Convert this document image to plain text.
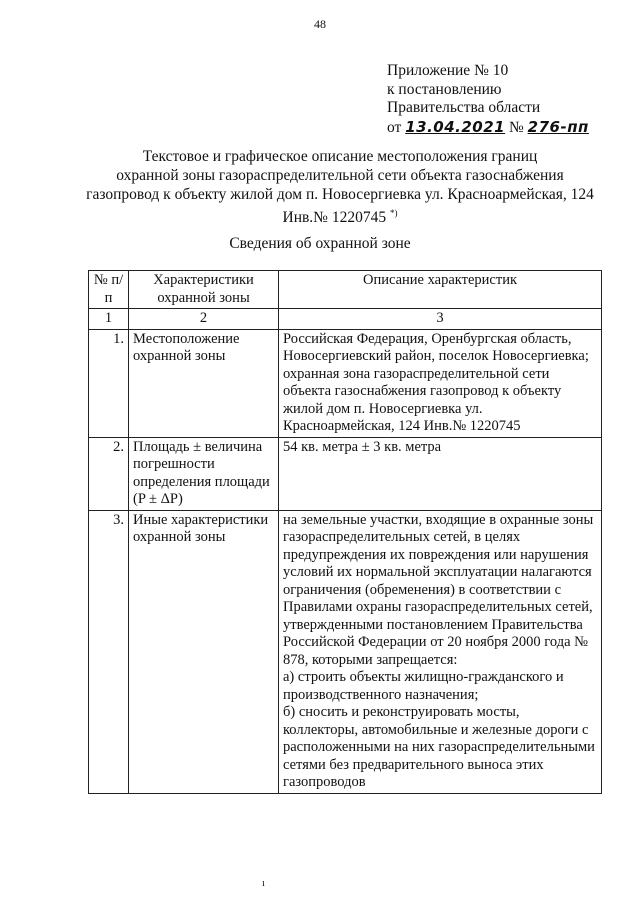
48
Приложение № 10
к постановлению
Правительства области
от 13.04.2021 № 276-пп
Текстовое и графическое описание местоположения границ
охранной зоны газораспределительной сети объекта газоснабжения
газопровод к объекту жилой дом п. Новосергиевка ул. Красноармейская, 124
Инв.№ 1220745 *)
Сведения об охранной зоне
№ п/п	Характеристики охранной зоны	Описание характеристик
1	2	3
1.	Местоположение охранной зоны	Российская Федерация, Оренбургская область, Новосергиевский район, поселок Новосергиевка; охранная зона газораспределительной сети объекта газоснабжения газопровод к объекту жилой дом п. Новосергиевка ул. Красноармейская, 124 Инв.№ 1220745
2.	Площадь ± величина погрешности определения площади (P ± ΔP)	54 кв. метра ± 3 кв. метра
3.	Иные характеристики охранной зоны	на земельные участки, входящие в охранные зоны газораспределительных сетей, в целях предупреждения их повреждения или нарушения условий их нормальной эксплуатации налагаются ограничения (обременения) в соответствии с Правилами охраны газораспределительных сетей, утвержденными постановлением Правительства Российской Федерации от 20 ноября 2000 года № 878, которыми запрещается:
а) строить объекты жилищно-гражданского и производственного назначения;
б) сносить и реконструировать мосты, коллекторы, автомобильные и железные дороги с расположенными на них газораспределительными сетями без предварительного выноса этих газопроводов
ı
